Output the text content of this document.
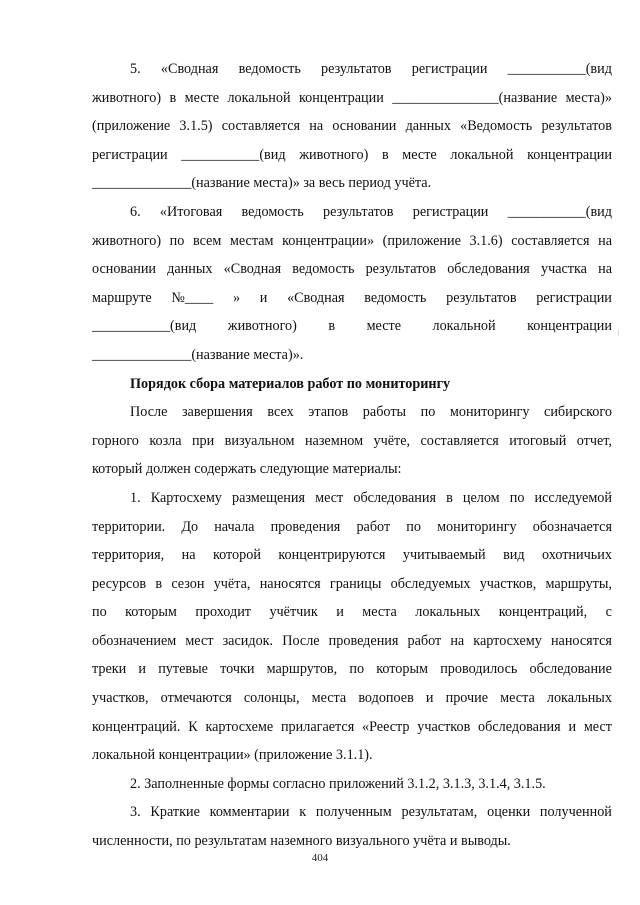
5. «Сводная ведомость результатов регистрации ___________(вид
животного) в месте локальной концентрации _______________(название места)»
(приложение 3.1.5) составляется на основании данных «Ведомость результатов
регистрации ___________(вид животного) в месте локальной концентрации
______________(название места)» за весь период учёта.
6. «Итоговая ведомость результатов регистрации ___________(вид
животного) по всем местам концентрации» (приложение 3.1.6) составляется на
основании данных «Сводная ведомость результатов обследования участка на
маршруте №____ » и «Сводная ведомость результатов регистрации
___________(вид животного) в месте локальной концентрации
______________(название места)».
Порядок сбора материалов работ по мониторингу
После завершения всех этапов работы по мониторингу сибирского
горного козла при визуальном наземном учёте, составляется итоговый отчет,
который должен содержать следующие материалы:
1. Картосхему размещения мест обследования в целом по исследуемой
территории. До начала проведения работ по мониторингу обозначается
территория, на которой концентрируются учитываемый вид охотничьих
ресурсов в сезон учёта, наносятся границы обследуемых участков, маршруты,
по которым проходит учётчик и места локальных концентраций, с
обозначением мест засидок. После проведения работ на картосхему наносятся
треки и путевые точки маршрутов, по которым проводилось обследование
участков, отмечаются солонцы, места водопоев и прочие места локальных
концентраций. К картосхеме прилагается «Реестр участков обследования и мест
локальной концентрации» (приложение 3.1.1).
2. Заполненные формы согласно приложений 3.1.2, 3.1.3, 3.1.4, 3.1.5.
3. Краткие комментарии к полученным результатам, оценки полученной
численности, по результатам наземного визуального учёта и выводы.
404
